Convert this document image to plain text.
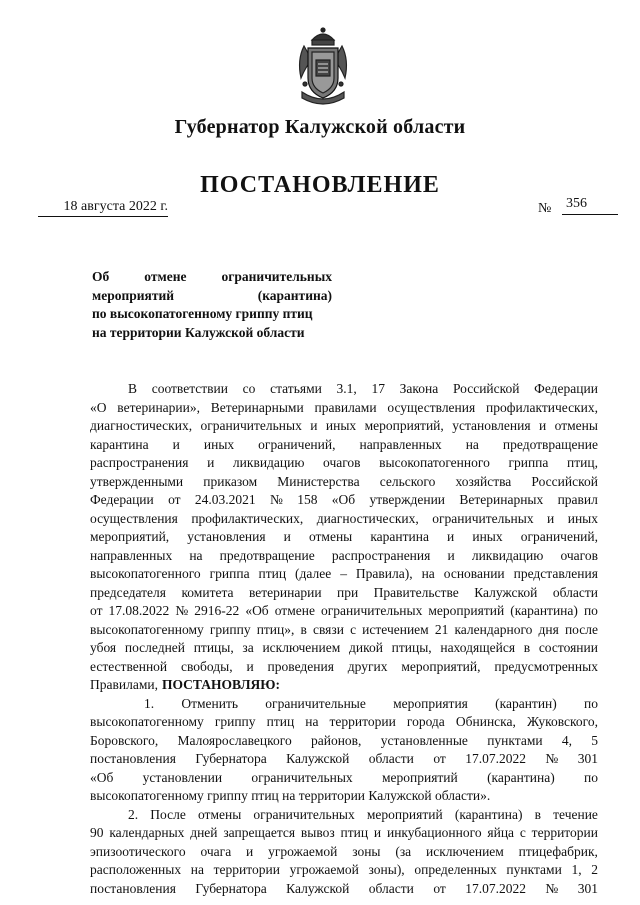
Губернатор Калужской области
ПОСТАНОВЛЕНИЕ
18 августа 2022 г.	№ 356
Об	отмене	ограничительных
мероприятий	(карантина)
по высокопатогенному гриппу птиц
на территории Калужской области
В соответствии со статьями 3.1, 17 Закона Российской Федерации
«О ветеринарии», Ветеринарными правилами осуществления профилактических,
диагностических, ограничительных и иных мероприятий, установления и отмены
карантина и иных ограничений, направленных на предотвращение
распространения и ликвидацию очагов высокопатогенного гриппа птиц,
утвержденными приказом Министерства сельского хозяйства Российской
Федерации от 24.03.2021 № 158 «Об утверждении Ветеринарных правил
осуществления профилактических, диагностических, ограничительных и иных
мероприятий, установления и отмены карантина и иных ограничений,
направленных на предотвращение распространения и ликвидацию очагов
высокопатогенного гриппа птиц (далее – Правила), на основании представления
председателя комитета ветеринарии при Правительстве Калужской области
от 17.08.2022 № 2916-22 «Об отмене ограничительных мероприятий (карантина) по
высокопатогенному гриппу птиц», в связи с истечением 21 календарного дня после
убоя последней птицы, за исключением дикой птицы, находящейся в состоянии
естественной свободы, и проведения других мероприятий, предусмотренных
Правилами, ПОСТАНОВЛЯЮ:
1. Отменить ограничительные мероприятия (карантин) по
высокопатогенному гриппу птиц на территории города Обнинска, Жуковского,
Боровского, Малоярославецкого районов, установленные пунктами 4, 5
постановления Губернатора Калужской области от 17.07.2022 № 301
«Об установлении ограничительных мероприятий (карантина) по
высокопатогенному гриппу птиц на территории Калужской области».
2. После отмены ограничительных мероприятий (карантина) в течение
90 календарных дней запрещается вывоз птиц и инкубационного яйца с территории
эпизоотического очага и угрожаемой зоны (за исключением птицефабрик,
расположенных на территории угрожаемой зоны), определенных пунктами 1, 2
постановления Губернатора Калужской области от 17.07.2022 № 301
